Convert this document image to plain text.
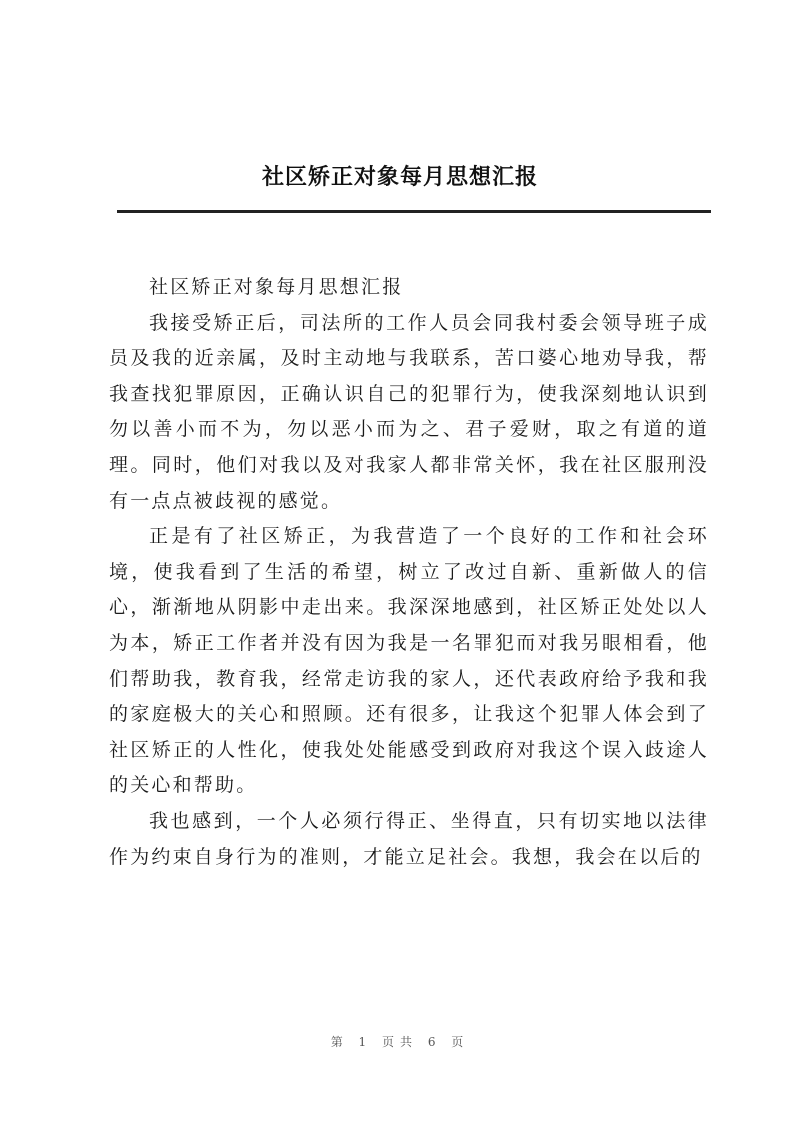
社区矫正对象每月思想汇报

社区矫正对象每月思想汇报

我接受矫正后，司法所的工作人员会同我村委会领导班子成员及我的近亲属，及时主动地与我联系，苦口婆心地劝导我，帮我查找犯罪原因，正确认识自己的犯罪行为，使我深刻地认识到勿以善小而不为，勿以恶小而为之、君子爱财，取之有道的道理。同时，他们对我以及对我家人都非常关怀，我在社区服刑没有一点点被歧视的感觉。

正是有了社区矫正，为我营造了一个良好的工作和社会环境，使我看到了生活的希望，树立了改过自新、重新做人的信心，渐渐地从阴影中走出来。我深深地感到，社区矫正处处以人为本，矫正工作者并没有因为我是一名罪犯而对我另眼相看，他们帮助我，教育我，经常走访我的家人，还代表政府给予我和我的家庭极大的关心和照顾。还有很多，让我这个犯罪人体会到了社区矫正的人性化，使我处处能感受到政府对我这个误入歧途人的关心和帮助。

我也感到，一个人必须行得正、坐得直，只有切实地以法律作为约束自身行为的准则，才能立足社会。我想，我会在以后的

第 1 页共 6 页
